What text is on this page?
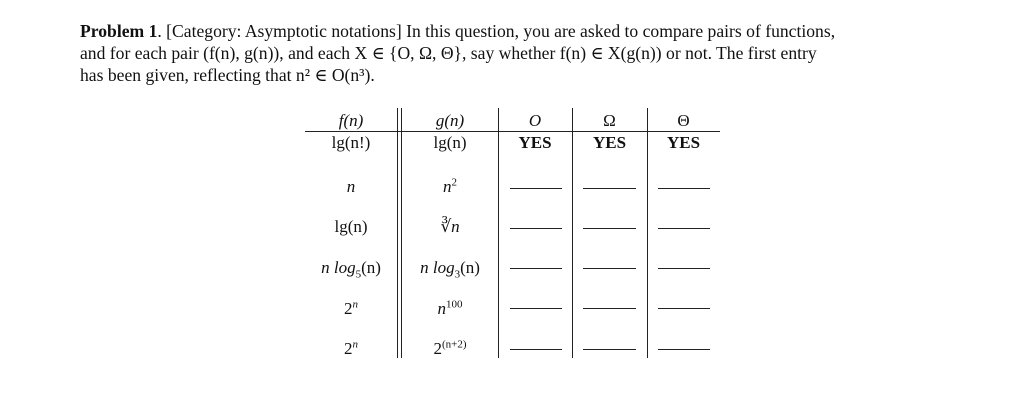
Problem 1. [Category: Asymptotic notations] In this question, you are asked to compare pairs of functions,
and for each pair (f(n), g(n)), and each X ∈ {O, Ω, Θ}, say whether f(n) ∈ X(g(n)) or not. The first entry
has been given, reflecting that n² ∈ O(n³).
f(n)	g(n)	O	Ω	Θ
lg(n!)	lg(n)	YES	YES	YES
n	$n^2$
lg(n)	∛n
n $\log_5(n)$	n $\log_3(n)$
2$^n$	$n^{100}$
2$^n$	$2^{(n+2)}$
